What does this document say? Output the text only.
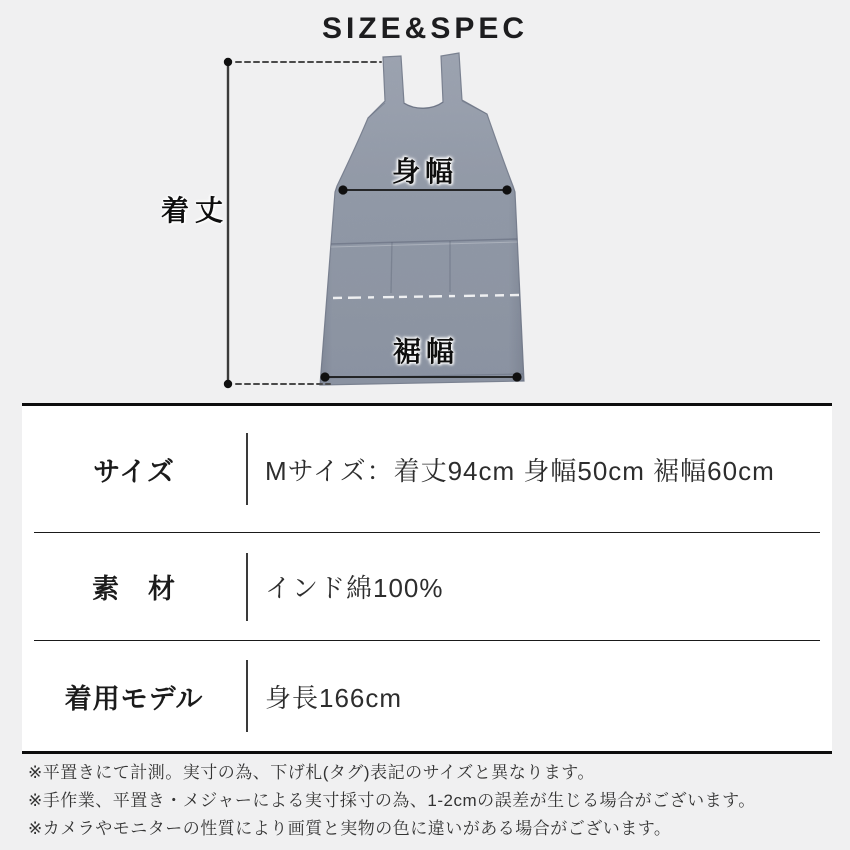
SIZE&SPEC
着丈
身幅
裾幅
サイズ	Mサイズ：着丈94cm 身幅50cm 裾幅60cm
素　材	インド綿100%
着用モデル	身長166cm

※平置きにて計測。実寸の為、下げ札(タグ)表記のサイズと異なります。

※手作業、平置き・メジャーによる実寸採寸の為、1-2cmの誤差が生じる場合がございます。

※カメラやモニターの性質により画質と実物の色に違いがある場合がございます。
